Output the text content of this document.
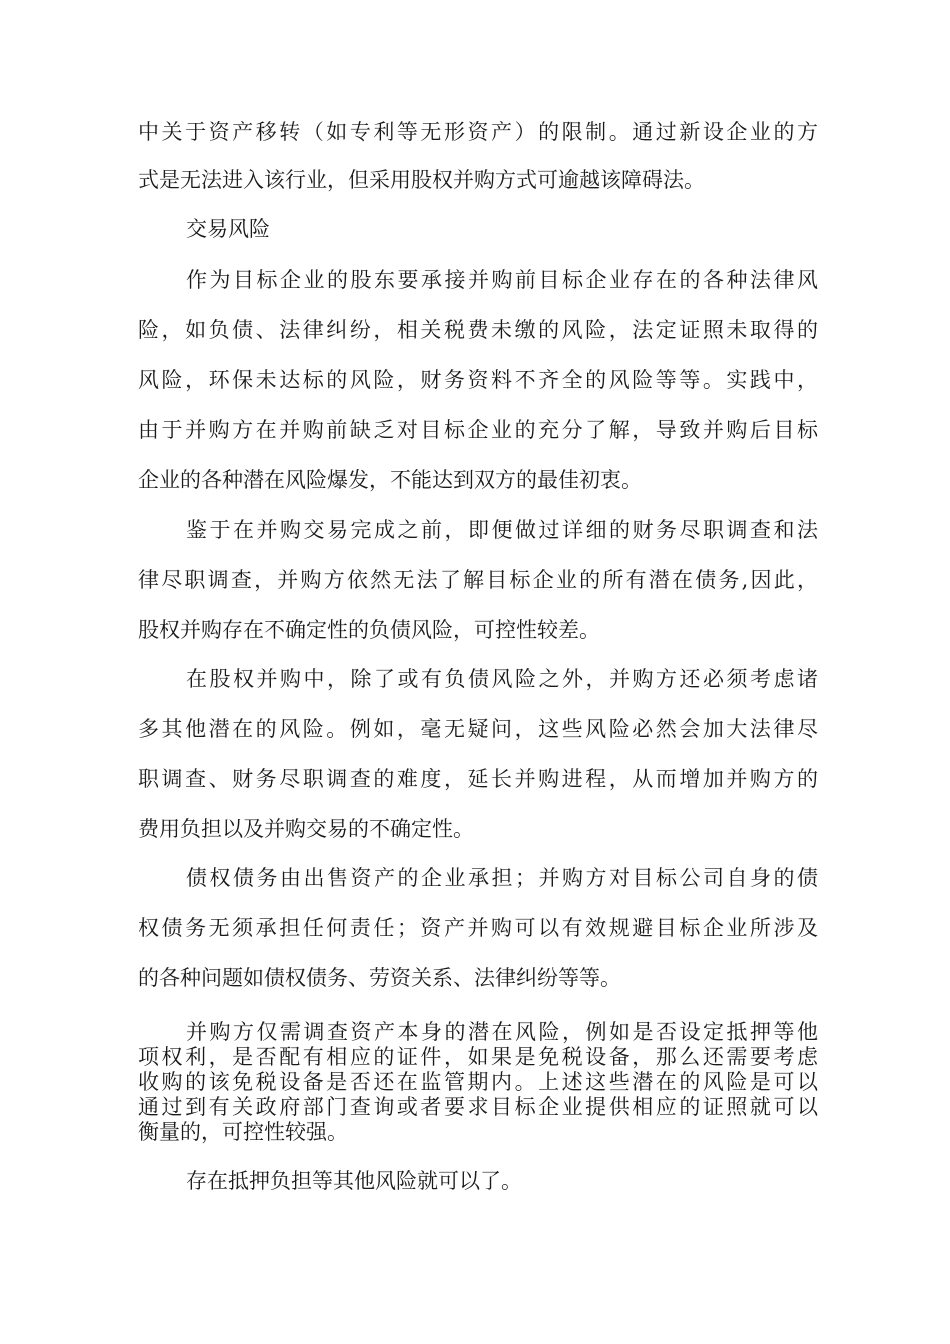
中关于资产移转（如专利等无形资产）的限制。通过新设企业的方
式是无法进入该行业，但采用股权并购方式可逾越该障碍法。
交易风险
作为目标企业的股东要承接并购前目标企业存在的各种法律风
险，如负债、法律纠纷，相关税费未缴的风险，法定证照未取得的
风险，环保未达标的风险，财务资料不齐全的风险等等。实践中，
由于并购方在并购前缺乏对目标企业的充分了解，导致并购后目标
企业的各种潜在风险爆发，不能达到双方的最佳初衷。
鉴于在并购交易完成之前，即便做过详细的财务尽职调查和法
律尽职调查，并购方依然无法了解目标企业的所有潜在债务,因此，
股权并购存在不确定性的负债风险，可控性较差。
在股权并购中，除了或有负债风险之外，并购方还必须考虑诸
多其他潜在的风险。例如，毫无疑问，这些风险必然会加大法律尽
职调查、财务尽职调查的难度，延长并购进程，从而增加并购方的
费用负担以及并购交易的不确定性。
债权债务由出售资产的企业承担；并购方对目标公司自身的债
权债务无须承担任何责任；资产并购可以有效规避目标企业所涉及
的各种问题如债权债务、劳资关系、法律纠纷等等。
并购方仅需调查资产本身的潜在风险，例如是否设定抵押等他
项权利，是否配有相应的证件，如果是免税设备，那么还需要考虑
收购的该免税设备是否还在监管期内。上述这些潜在的风险是可以
通过到有关政府部门查询或者要求目标企业提供相应的证照就可以
衡量的，可控性较强。
存在抵押负担等其他风险就可以了。
